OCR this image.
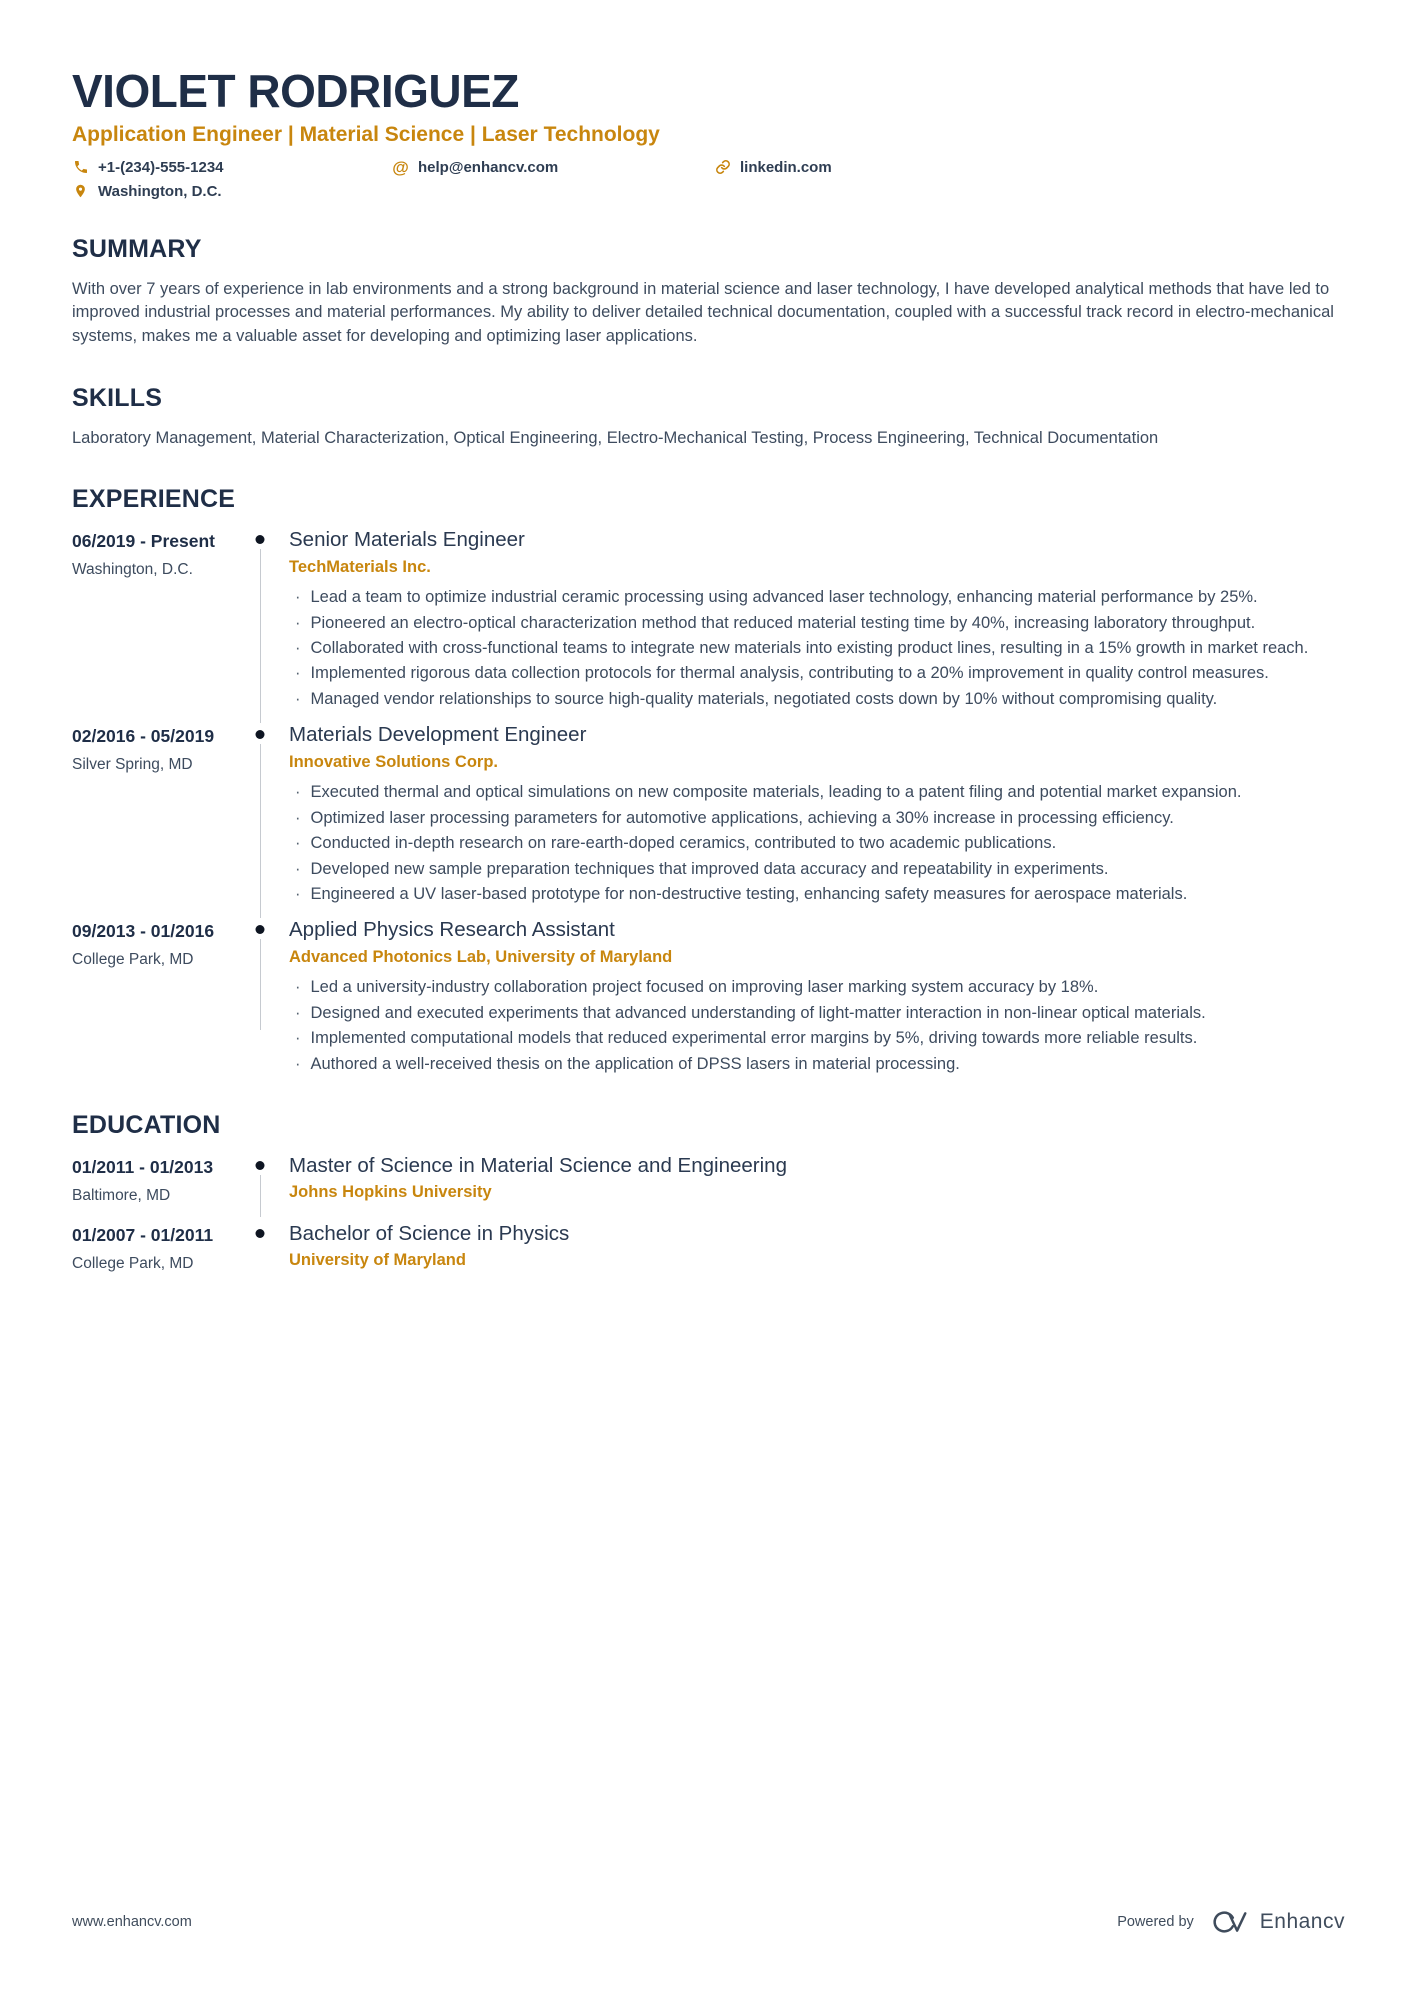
VIOLET RODRIGUEZ
Application Engineer | Material Science | Laser Technology
+1-(234)-555-1234	@ help@enhancv.com	linkedin.com
Washington, D.C.
SUMMARY
With over 7 years of experience in lab environments and a strong background in material science and laser technology, I have developed analytical methods that have led to improved industrial processes and material performances. My ability to deliver detailed technical documentation, coupled with a successful track record in electro-mechanical systems, makes me a valuable asset for developing and optimizing laser applications.
SKILLS
Laboratory Management, Material Characterization, Optical Engineering, Electro-Mechanical Testing, Process Engineering, Technical Documentation
EXPERIENCE
06/2019 - Present
Washington, D.C.
Senior Materials Engineer
TechMaterials Inc.
· Lead a team to optimize industrial ceramic processing using advanced laser technology, enhancing material performance by 25%.
· Pioneered an electro-optical characterization method that reduced material testing time by 40%, increasing laboratory throughput.
· Collaborated with cross-functional teams to integrate new materials into existing product lines, resulting in a 15% growth in market reach.
· Implemented rigorous data collection protocols for thermal analysis, contributing to a 20% improvement in quality control measures.
· Managed vendor relationships to source high-quality materials, negotiated costs down by 10% without compromising quality.
02/2016 - 05/2019
Silver Spring, MD
Materials Development Engineer
Innovative Solutions Corp.
· Executed thermal and optical simulations on new composite materials, leading to a patent filing and potential market expansion.
· Optimized laser processing parameters for automotive applications, achieving a 30% increase in processing efficiency.
· Conducted in-depth research on rare-earth-doped ceramics, contributed to two academic publications.
· Developed new sample preparation techniques that improved data accuracy and repeatability in experiments.
· Engineered a UV laser-based prototype for non-destructive testing, enhancing safety measures for aerospace materials.
09/2013 - 01/2016
College Park, MD
Applied Physics Research Assistant
Advanced Photonics Lab, University of Maryland
· Led a university-industry collaboration project focused on improving laser marking system accuracy by 18%.
· Designed and executed experiments that advanced understanding of light-matter interaction in non-linear optical materials.
· Implemented computational models that reduced experimental error margins by 5%, driving towards more reliable results.
· Authored a well-received thesis on the application of DPSS lasers in material processing.
EDUCATION
01/2011 - 01/2013
Baltimore, MD
Master of Science in Material Science and Engineering
Johns Hopkins University
01/2007 - 01/2011
College Park, MD
Bachelor of Science in Physics
University of Maryland
www.enhancv.com	Powered by	Enhancv
